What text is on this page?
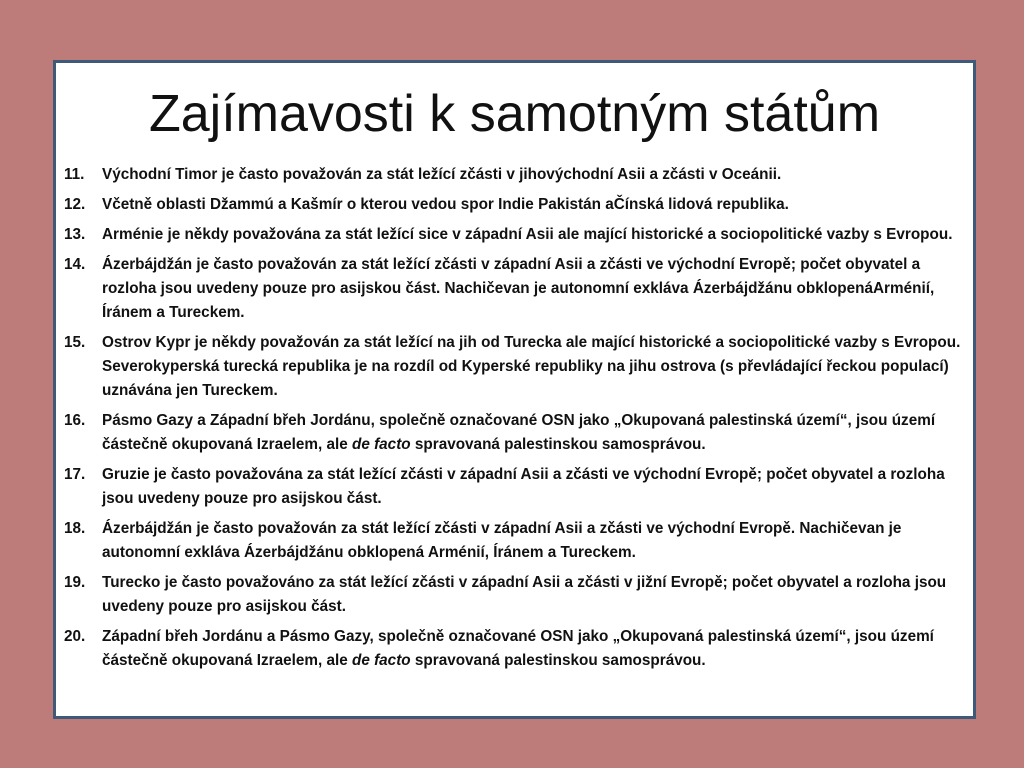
Zajímavosti k samotným státům
11.	Východní Timor je často považován za stát ležící zčásti v jihovýchodní Asii a zčásti v Oceánii.
12.	Včetně oblasti Džammú a Kašmír o kterou vedou spor Indie Pakistán aČínská lidová republika.
13.	Arménie je někdy považována za stát ležící sice v západní Asii ale mající historické a sociopolitické vazby s Evropou.
14.	Ázerbájdžán je často považován za stát ležící zčásti v západní Asii a zčásti ve východní Evropě; počet obyvatel a rozloha jsou uvedeny pouze pro asijskou část. Nachičevan je autonomní exkláva Ázerbájdžánu obklopenáArménií, Íránem a Tureckem.
15.	Ostrov Kypr je někdy považován za stát ležící na jih od Turecka ale mající historické a sociopolitické vazby s Evropou. Severokyperská turecká republika je na rozdíl od Kyperské republiky na jihu ostrova (s převládající řeckou populací) uznávána jen Tureckem.
16.	Pásmo Gazy a Západní břeh Jordánu, společně označované OSN jako „Okupovaná palestinská území“, jsou území částečně okupovaná Izraelem, ale de facto spravovaná palestinskou samosprávou.
17.	Gruzie je často považována za stát ležící zčásti v západní Asii a zčásti ve východní Evropě; počet obyvatel a rozloha jsou uvedeny pouze pro asijskou část.
18.	Ázerbájdžán je často považován za stát ležící zčásti v západní Asii a zčásti ve východní Evropě. Nachičevan je autonomní exkláva Ázerbájdžánu obklopená Arménií, Íránem a Tureckem.
19.	Turecko je často považováno za stát ležící zčásti v západní Asii a zčásti v jižní Evropě; počet obyvatel a rozloha jsou uvedeny pouze pro asijskou část.
20.	Západní břeh Jordánu a Pásmo Gazy, společně označované OSN jako „Okupovaná palestinská území“, jsou území částečně okupovaná Izraelem, ale de facto spravovaná palestinskou samosprávou.
